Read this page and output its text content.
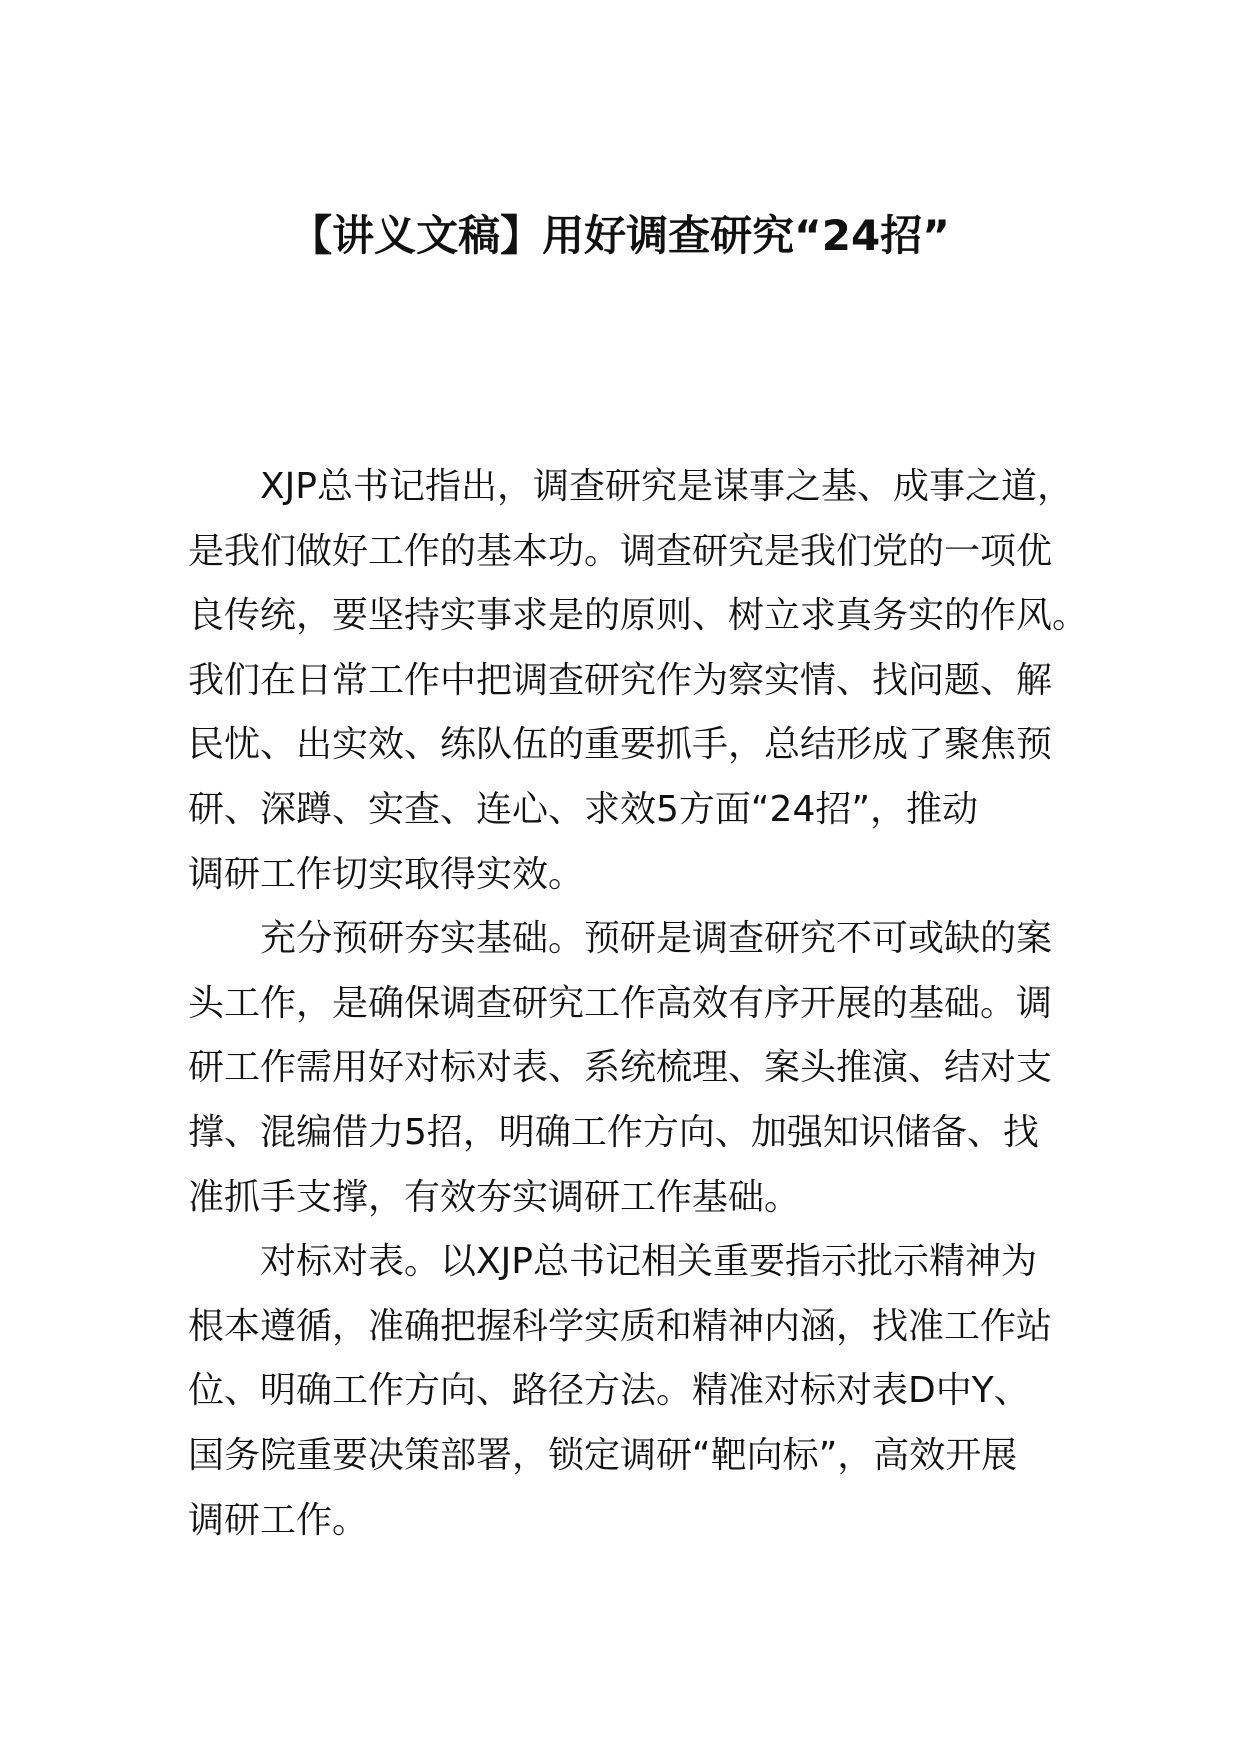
【讲义文稿】用好调查研究“24招”

XJP总书记指出，调查研究是谋事之基、成事之道，
是我们做好工作的基本功。调查研究是我们党的一项优
良传统，要坚持实事求是的原则、树立求真务实的作风。
我们在日常工作中把调查研究作为察实情、找问题、解
民忧、出实效、练队伍的重要抓手，总结形成了聚焦预
研、深蹲、实查、连心、求效5方面“24招”，推动
调研工作切实取得实效。

充分预研夯实基础。预研是调查研究不可或缺的案
头工作，是确保调查研究工作高效有序开展的基础。调
研工作需用好对标对表、系统梳理、案头推演、结对支
撑、混编借力5招，明确工作方向、加强知识储备、找
准抓手支撑，有效夯实调研工作基础。

对标对表。以XJP总书记相关重要指示批示精神为
根本遵循，准确把握科学实质和精神内涵，找准工作站
位、明确工作方向、路径方法。精准对标对表D中Y、
国务院重要决策部署，锁定调研“靶向标”，高效开展
调研工作。
